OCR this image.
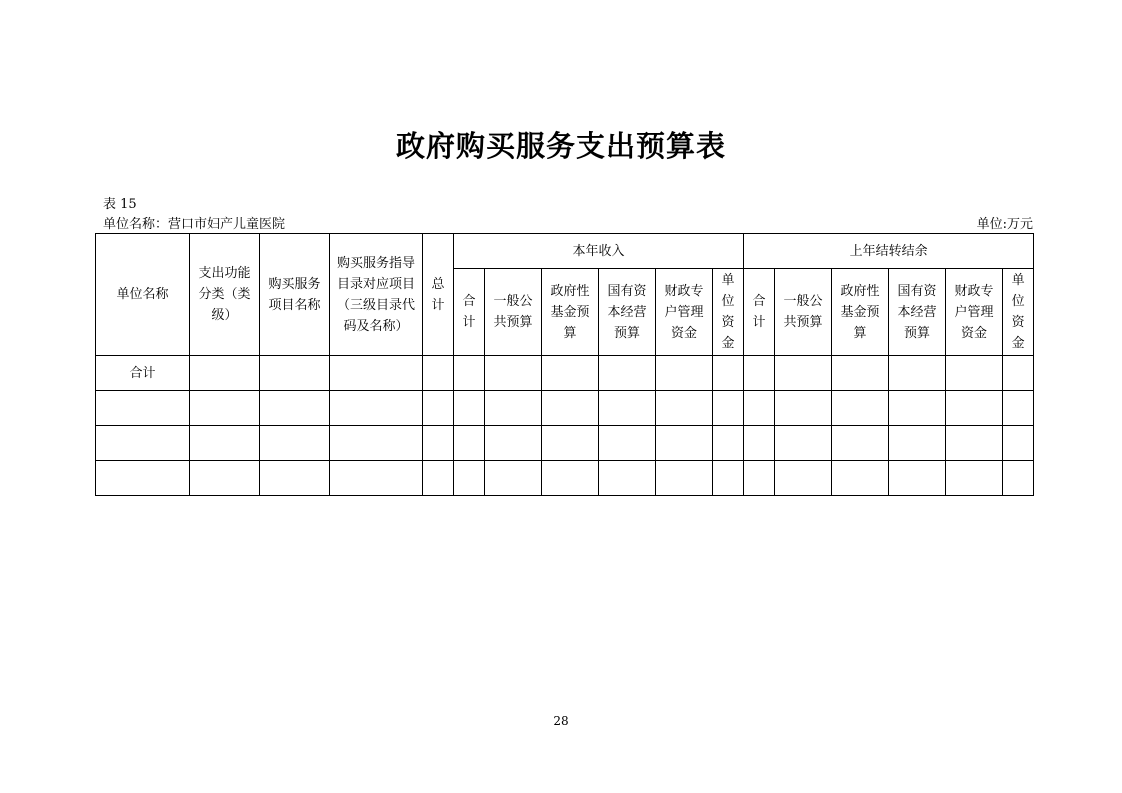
政府购买服务支出预算表
表 15
单位名称：营口市妇产儿童医院	单位:万元
单位名称	支出功能分类（类级）	购买服务项目名称	购买服务指导目录对应项目（三级目录代码及名称）	总计	本年收入						上年结转结余					
					合计	一般公共预算	政府性基金预算	国有资本经营预算	财政专户管理资金	单位资金	合计	一般公共预算	政府性基金预算	国有资本经营预算	财政专户管理资金	单位资金
合计																

28
